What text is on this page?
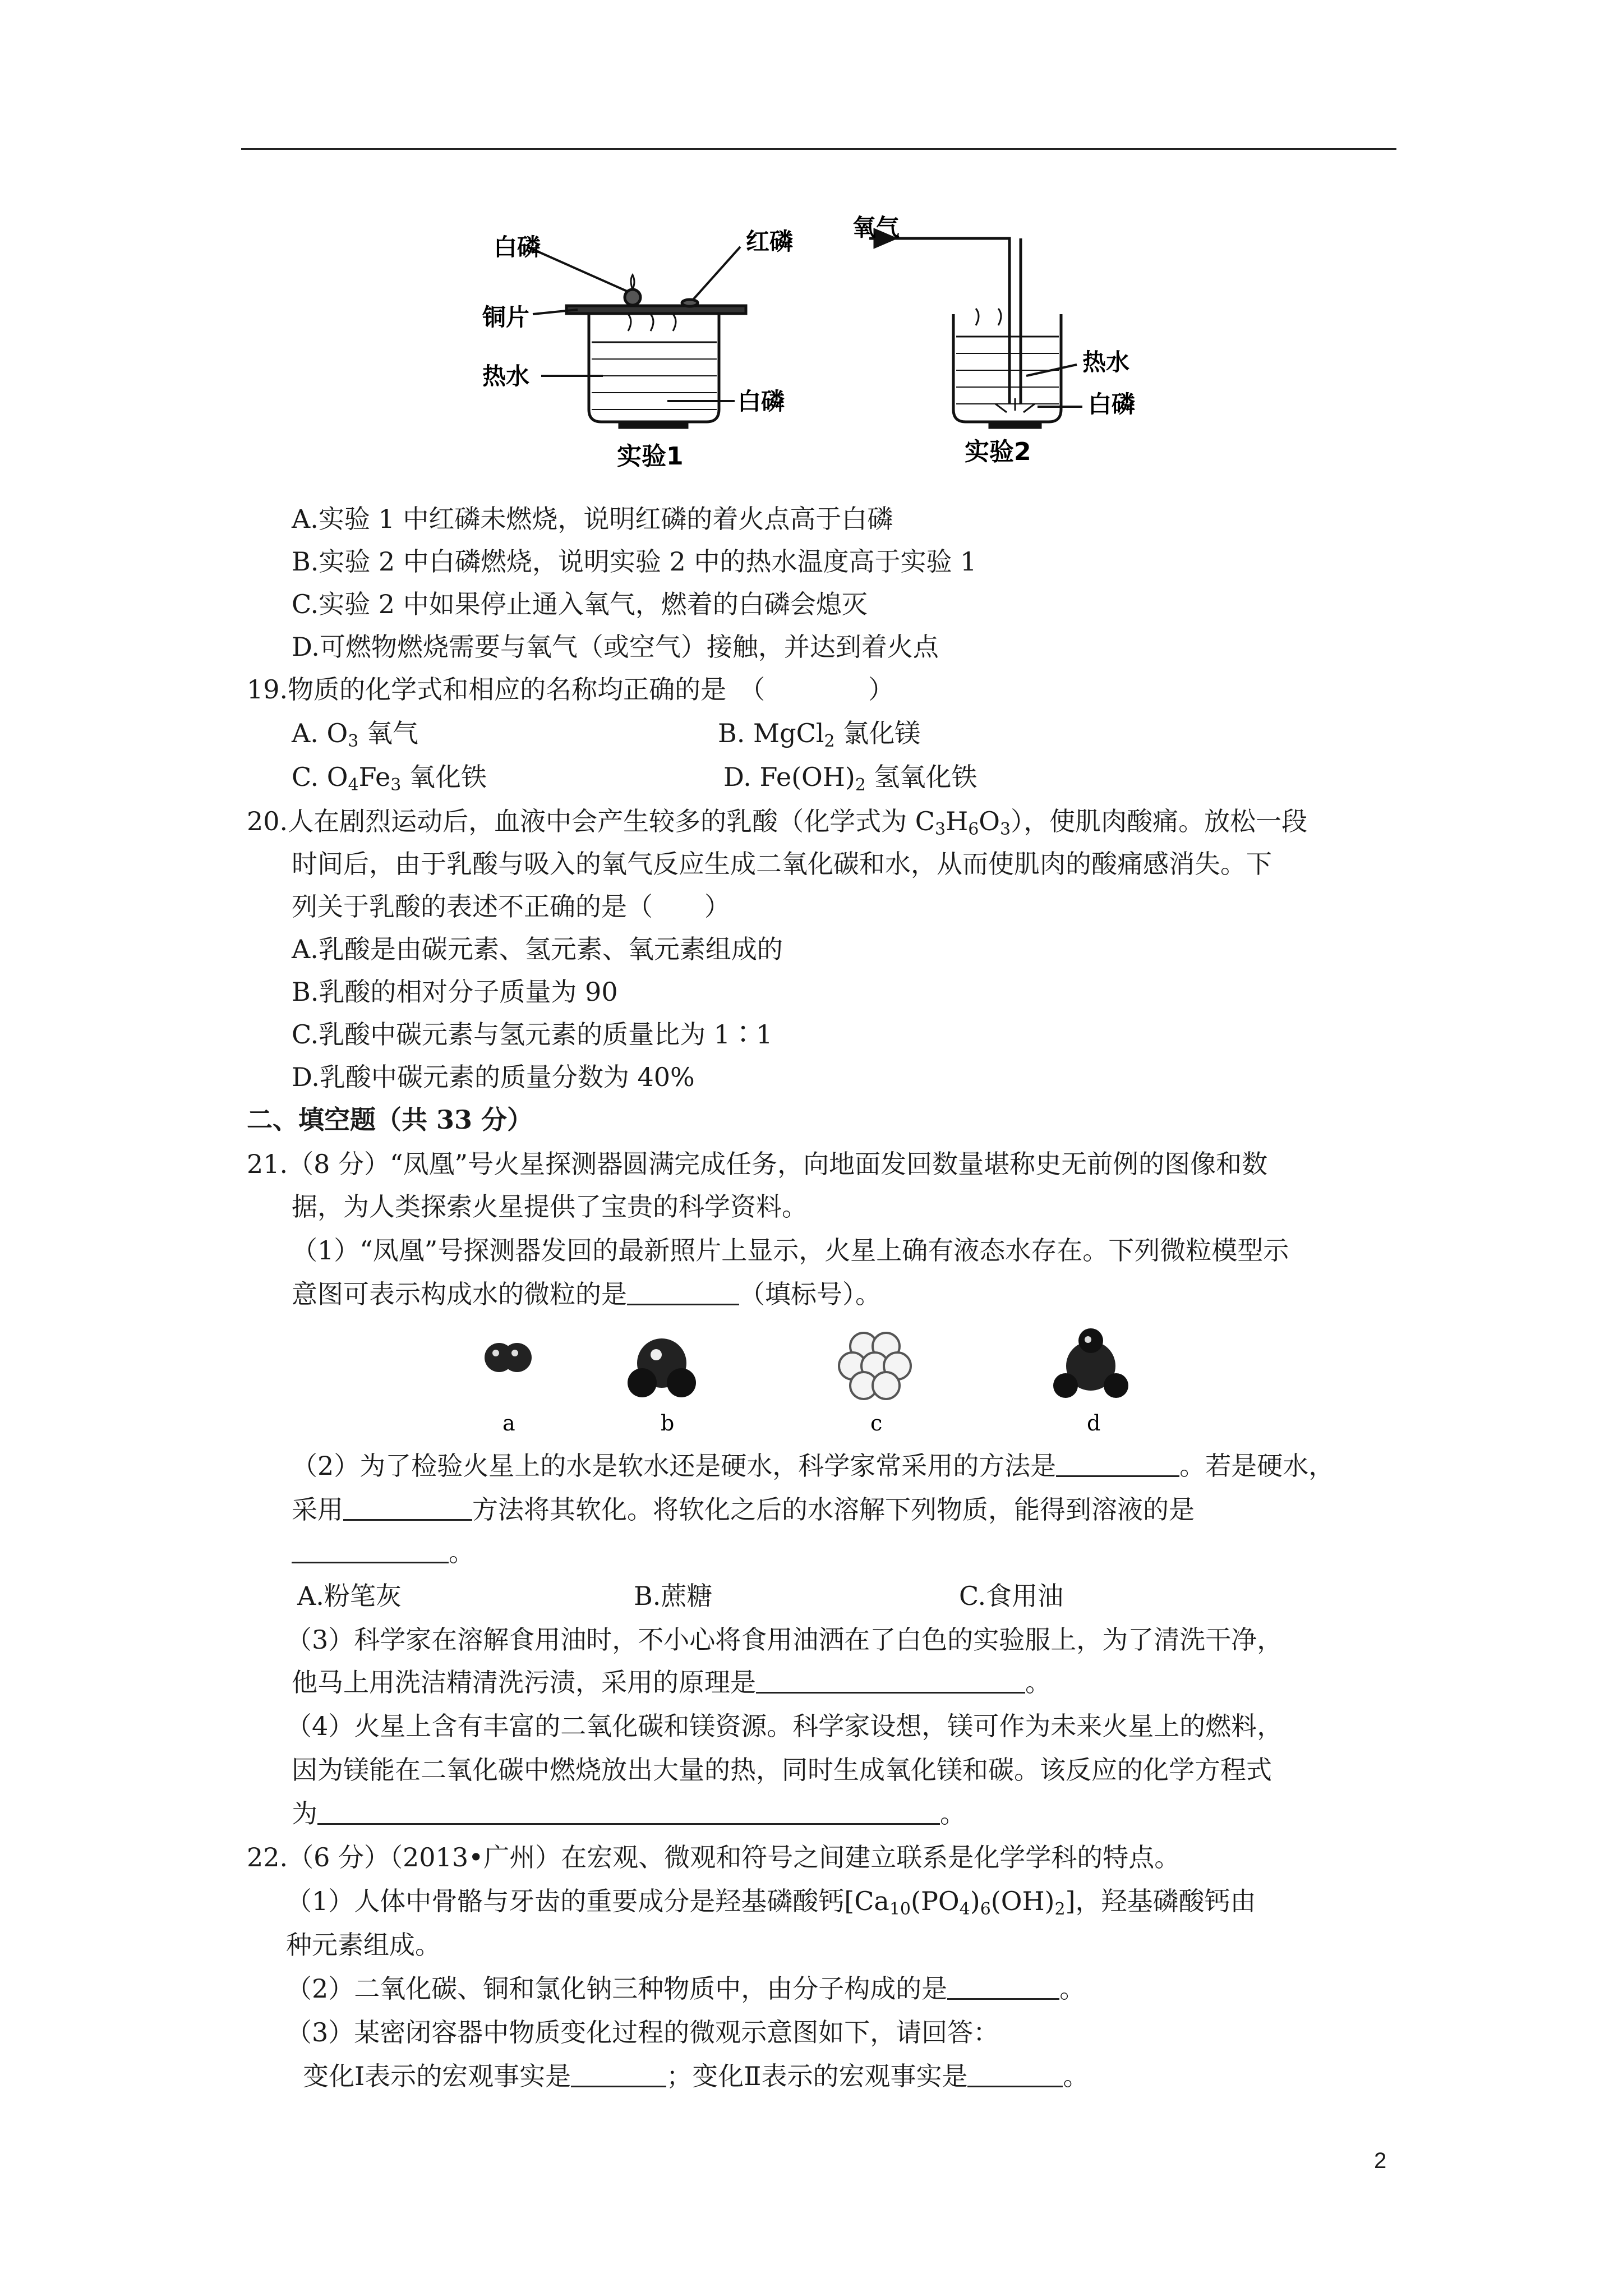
白磷	红磷
铜片
热水
白磷
实验1
氧气
热水
白磷
实验2
A.实验 1 中红磷未燃烧，说明红磷的着火点高于白磷
B.实验 2 中白磷燃烧，说明实验 2 中的热水温度高于实验 1
C.实验 2 中如果停止通入氧气，燃着的白磷会熄灭
D.可燃物燃烧需要与氧气（或空气）接触，并达到着火点
19.物质的化学式和相应的名称均正确的是　（　　　　）
A. $O_3$ 氧气	B. MgCl$_2$ 氯化镁
C. $O_4Fe_3$ 氧化铁	D. $Fe(OH)_2$ 氢氧化铁
20.人在剧烈运动后，血液中会产生较多的乳酸（化学式为 $C_3H_6O_3$），使肌肉酸痛。放松一段
时间后，由于乳酸与吸入的氧气反应生成二氧化碳和水，从而使肌肉的酸痛感消失。下
列关于乳酸的表述不正确的是（　　）
A.乳酸是由碳元素、氢元素、氧元素组成的
B.乳酸的相对分子质量为 90
C.乳酸中碳元素与氢元素的质量比为 1∶1
D.乳酸中碳元素的质量分数为 40%
二、填空题（共 33 分）
21.（8 分）“凤凰”号火星探测器圆满完成任务，向地面发回数量堪称史无前例的图像和数
据，为人类探索火星提供了宝贵的科学资料。
（1）“凤凰”号探测器发回的最新照片上显示，火星上确有液态水存在。下列微粒模型示
意图可表示构成水的微粒的是	（填标号）。
a	b	c	d
（2）为了检验火星上的水是软水还是硬水，科学家常采用的方法是	。若是硬水，
采用	方法将其软化。将软化之后的水溶解下列物质，能得到溶液的是
。
A.粉笔灰	B.蔗糖	C.食用油
（3）科学家在溶解食用油时，不小心将食用油洒在了白色的实验服上，为了清洗干净，
他马上用洗洁精清洗污渍，采用的原理是	。
（4）火星上含有丰富的二氧化碳和镁资源。科学家设想，镁可作为未来火星上的燃料，
因为镁能在二氧化碳中燃烧放出大量的热，同时生成氧化镁和碳。该反应的化学方程式
为	。
22.（6 分）（2013•广州）在宏观、微观和符号之间建立联系是化学学科的特点。
（1）人体中骨骼与牙齿的重要成分是羟基磷酸钙$[Ca_{10}(PO_4)_6(OH)_2]$，羟基磷酸钙由
种元素组成。
（2）二氧化碳、铜和氯化钠三种物质中，由分子构成的是	。
（3）某密闭容器中物质变化过程的微观示意图如下，请回答：
变化Ⅰ表示的宏观事实是	；变化Ⅱ表示的宏观事实是	。
2
